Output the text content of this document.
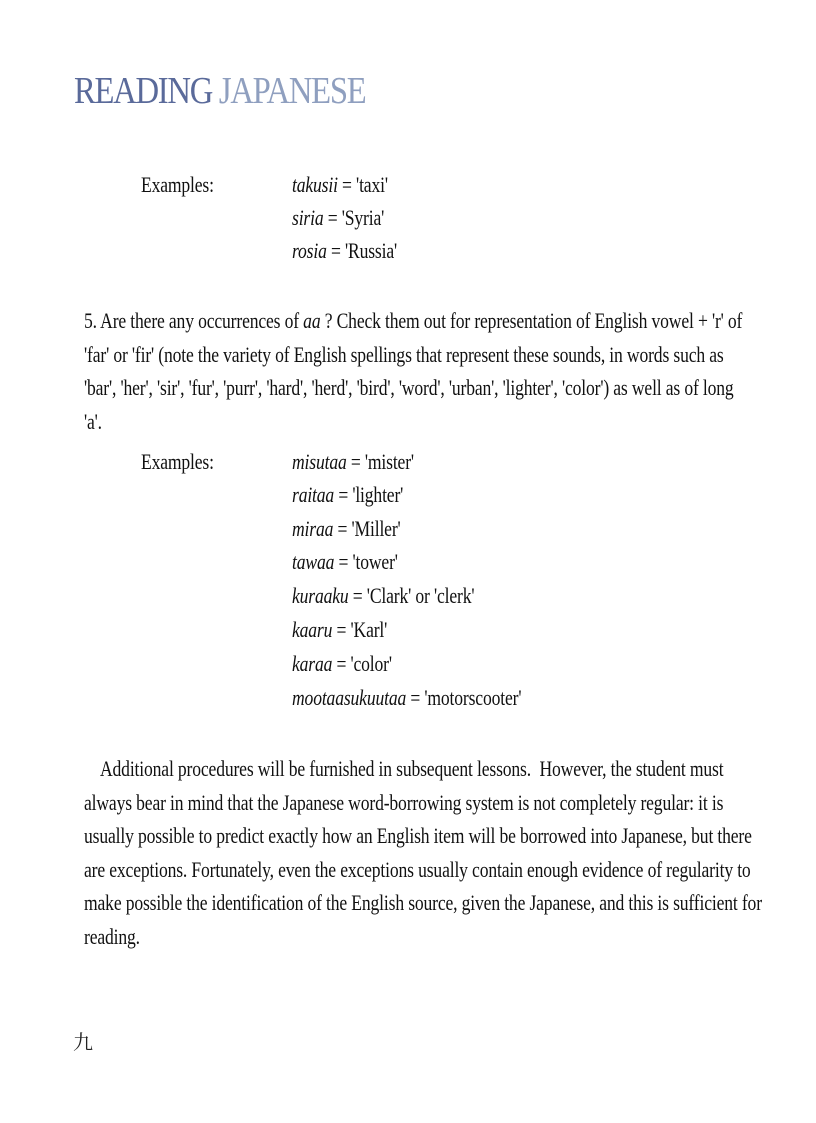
READING JAPANESE
Examples:	takusii = 'taxi'
siria = 'Syria'
rosia = 'Russia'
5. Are there any occurrences of aa ? Check them out for representation of English vowel + 'r' of
'far' or 'fir' (note the variety of English spellings that represent these sounds, in words such as
'bar', 'her', 'sir', 'fur', 'purr', 'hard', 'herd', 'bird', 'word', 'urban', 'lighter', 'color') as well as of long
'a'.
Examples:	misutaa = 'mister'
raitaa = 'lighter'
miraa = 'Miller'
tawaa = 'tower'
kuraaku = 'Clark' or 'clerk'
kaaru = 'Karl'
karaa = 'color'
mootaasukuutaa = 'motorscooter'
Additional procedures will be furnished in subsequent lessons.  However, the student must
always bear in mind that the Japanese word-borrowing system is not completely regular: it is
usually possible to predict exactly how an English item will be borrowed into Japanese, but there
are exceptions. Fortunately, even the exceptions usually contain enough evidence of regularity to
make possible the identification of the English source, given the Japanese, and this is sufficient for
reading.
九
